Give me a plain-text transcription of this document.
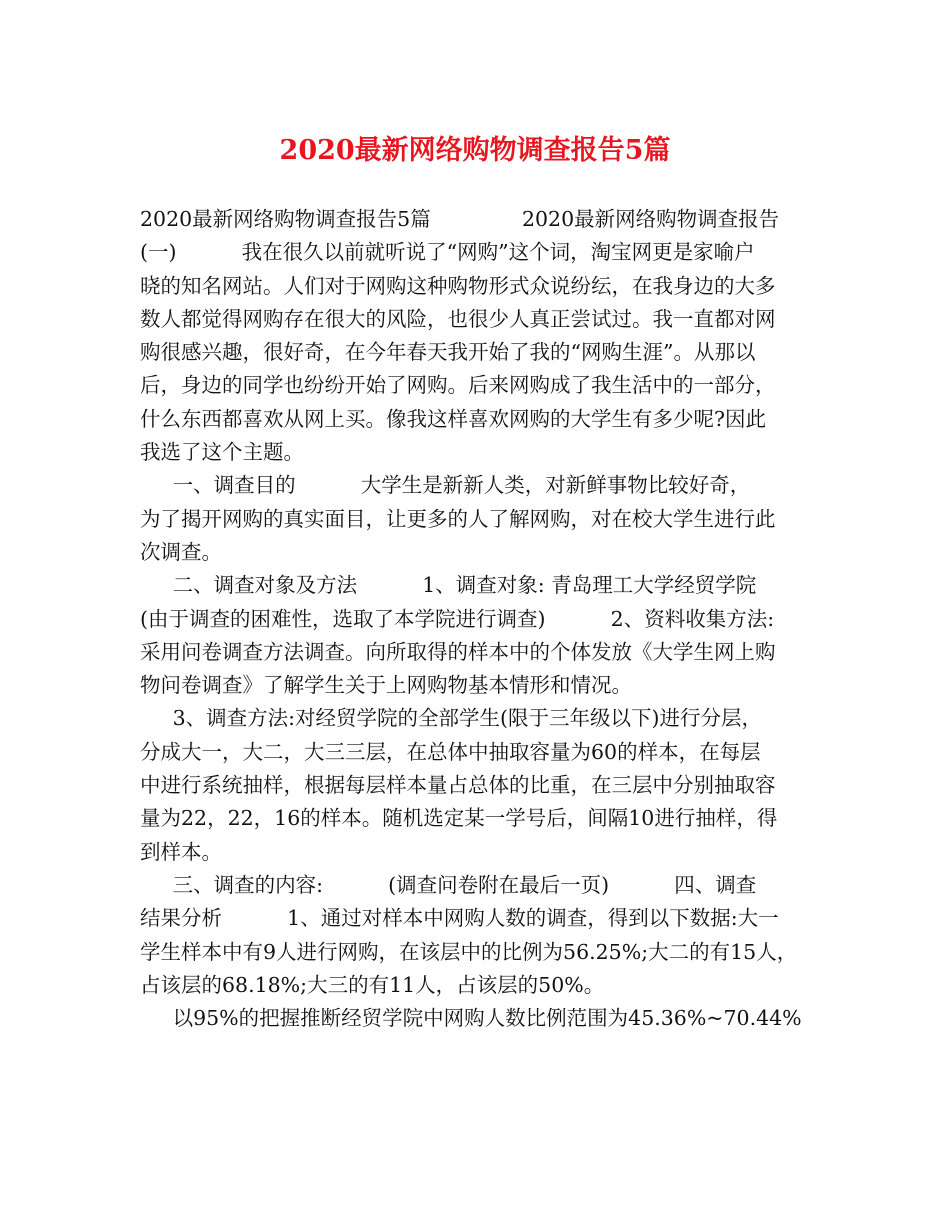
2020最新网络购物调查报告5篇
2020最新网络购物调查报告5篇              2020最新网络购物调查报告
(一)          我在很久以前就听说了“网购”这个词，淘宝网更是家喻户
晓的知名网站。人们对于网购这种购物形式众说纷纭，在我身边的大多
数人都觉得网购存在很大的风险，也很少人真正尝试过。我一直都对网
购很感兴趣，很好奇，在今年春天我开始了我的“网购生涯”。从那以
后，身边的同学也纷纷开始了网购。后来网购成了我生活中的一部分，
什么东西都喜欢从网上买。像我这样喜欢网购的大学生有多少呢?因此
我选了这个主题。
一、调查目的          大学生是新新人类，对新鲜事物比较好奇，
为了揭开网购的真实面目，让更多的人了解网购，对在校大学生进行此
次调查。
二、调查对象及方法          1、调查对象: 青岛理工大学经贸学院
(由于调查的困难性，选取了本学院进行调查)          2、资料收集方法:
采用问卷调查方法调查。向所取得的样本中的个体发放《大学生网上购
物问卷调查》了解学生关于上网购物基本情形和情况。
3、调查方法:对经贸学院的全部学生(限于三年级以下)进行分层，
分成大一，大二，大三三层，在总体中抽取容量为60的样本，在每层
中进行系统抽样，根据每层样本量占总体的比重，在三层中分别抽取容
量为22，22，16的样本。随机选定某一学号后，间隔10进行抽样，得
到样本。
三、调查的内容:          (调查问卷附在最后一页)          四、调查
结果分析          1、通过对样本中网购人数的调查，得到以下数据:大一
学生样本中有9人进行网购，在该层中的比例为56.25%;大二的有15人，
占该层的68.18%;大三的有11人，占该层的50%。
以95%的把握推断经贸学院中网购人数比例范围为45.36%~70.44%
